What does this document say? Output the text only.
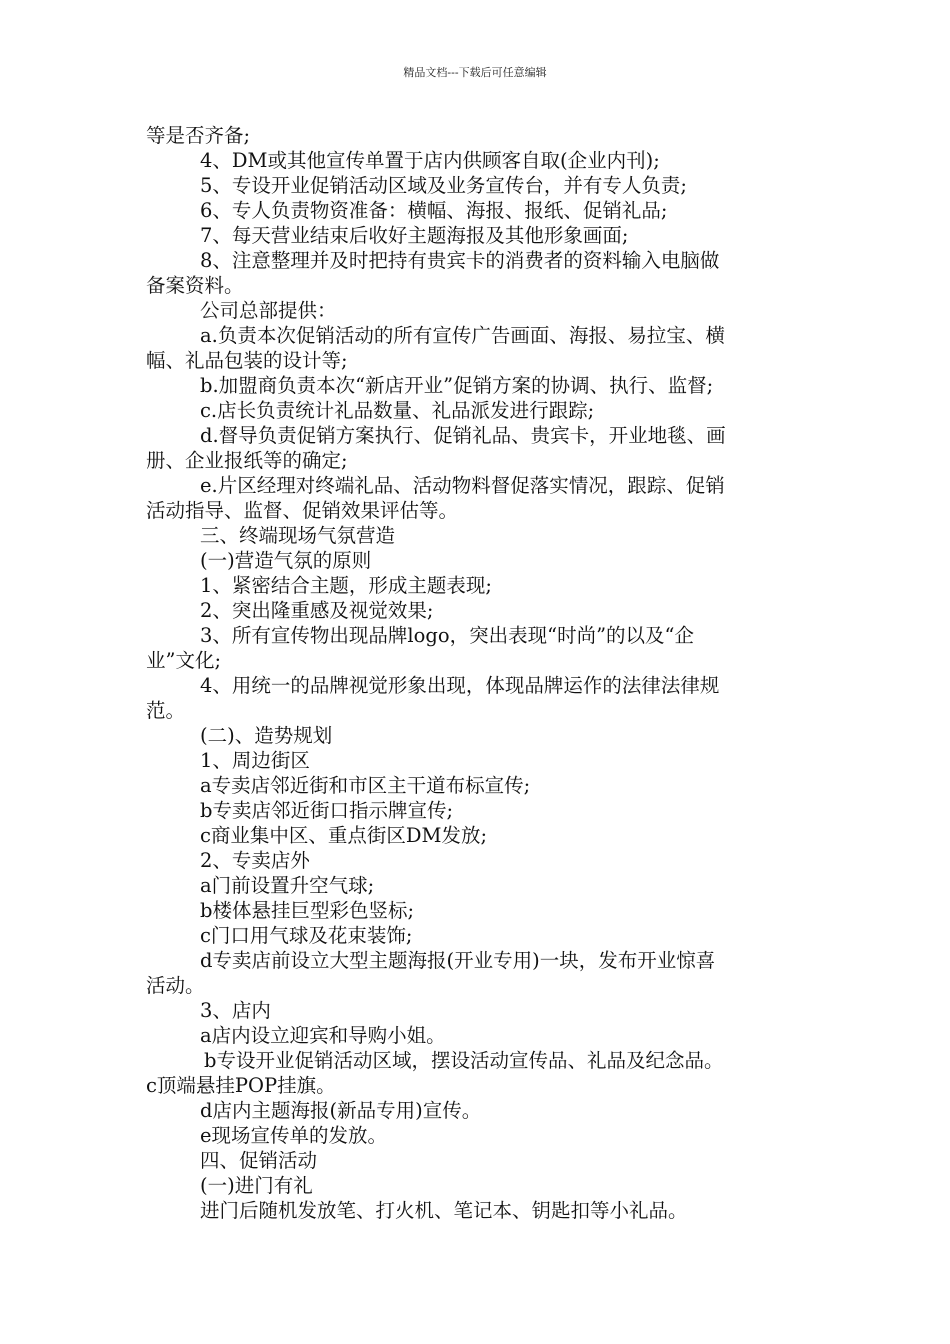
精品文档---下载后可任意编辑
等是否齐备;
4、DM或其他宣传单置于店内供顾客自取(企业内刊);
5、专设开业促销活动区域及业务宣传台，并有专人负责;
6、专人负责物资准备：横幅、海报、报纸、促销礼品;
7、每天营业结束后收好主题海报及其他形象画面;
8、注意整理并及时把持有贵宾卡的消费者的资料输入电脑做
备案资料。
公司总部提供：
a.负责本次促销活动的所有宣传广告画面、海报、易拉宝、横
幅、礼品包装的设计等;
b.加盟商负责本次“新店开业”促销方案的协调、执行、监督;
c.店长负责统计礼品数量、礼品派发进行跟踪;
d.督导负责促销方案执行、促销礼品、贵宾卡，开业地毯、画
册、企业报纸等的确定;
e.片区经理对终端礼品、活动物料督促落实情况，跟踪、促销
活动指导、监督、促销效果评估等。
三、终端现场气氛营造
(一)营造气氛的原则
1、紧密结合主题，形成主题表现;
2、突出隆重感及视觉效果;
3、所有宣传物出现品牌logo，突出表现“时尚”的以及“企
业”文化;
4、用统一的品牌视觉形象出现，体现品牌运作的法律法律规
范。
(二)、造势规划
1、周边街区
a专卖店邻近街和市区主干道布标宣传;
b专卖店邻近街口指示牌宣传;
c商业集中区、重点街区DM发放;
2、专卖店外
a门前设置升空气球;
b楼体悬挂巨型彩色竖标;
c门口用气球及花束装饰;
d专卖店前设立大型主题海报(开业专用)一块，发布开业惊喜
活动。
3、店内
a店内设立迎宾和导购小姐。
b专设开业促销活动区域，摆设活动宣传品、礼品及纪念品。
c顶端悬挂POP挂旗。
d店内主题海报(新品专用)宣传。
e现场宣传单的发放。
四、促销活动
(一)进门有礼
进门后随机发放笔、打火机、笔记本、钥匙扣等小礼品。
